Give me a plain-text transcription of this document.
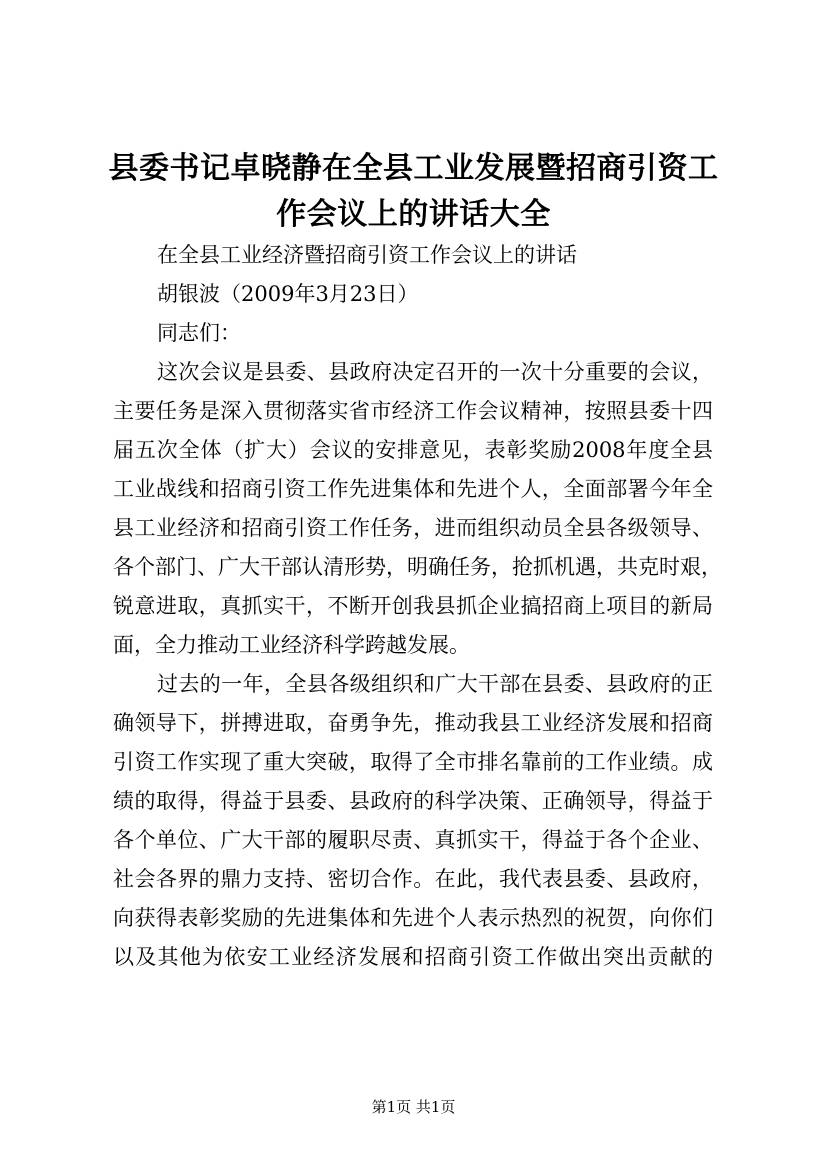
县委书记卓晓静在全县工业发展暨招商引资工
作会议上的讲话大全
在全县工业经济暨招商引资工作会议上的讲话
胡银波（2009年3月23日）
同志们：
这次会议是县委、县政府决定召开的一次十分重要的会议，
主要任务是深入贯彻落实省市经济工作会议精神，按照县委十四
届五次全体（扩大）会议的安排意见，表彰奖励2008年度全县
工业战线和招商引资工作先进集体和先进个人，全面部署今年全
县工业经济和招商引资工作任务，进而组织动员全县各级领导、
各个部门、广大干部认清形势，明确任务，抢抓机遇，共克时艰，
锐意进取，真抓实干，不断开创我县抓企业搞招商上项目的新局
面，全力推动工业经济科学跨越发展。
过去的一年，全县各级组织和广大干部在县委、县政府的正
确领导下，拼搏进取，奋勇争先，推动我县工业经济发展和招商
引资工作实现了重大突破，取得了全市排名靠前的工作业绩。成
绩的取得，得益于县委、县政府的科学决策、正确领导，得益于
各个单位、广大干部的履职尽责、真抓实干，得益于各个企业、
社会各界的鼎力支持、密切合作。在此，我代表县委、县政府，
向获得表彰奖励的先进集体和先进个人表示热烈的祝贺，向你们
以及其他为依安工业经济发展和招商引资工作做出突出贡献的
第1页 共1页
